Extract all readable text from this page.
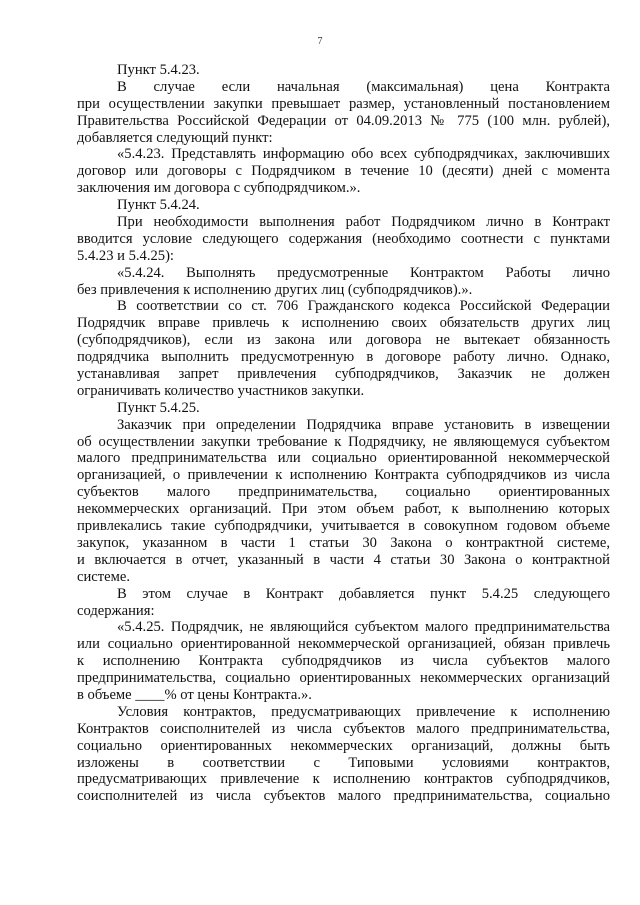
7
Пункт 5.4.23.
В случае если начальная (максимальная) цена Контракта
при осуществлении закупки превышает размер, установленный постановлением
Правительства Российской Федерации от 04.09.2013 № 775 (100 млн. рублей),
добавляется следующий пункт:
«5.4.23. Представлять информацию обо всех субподрядчиках, заключивших
договор или договоры с Подрядчиком в течение 10 (десяти) дней с момента
заключения им договора с субподрядчиком.».
Пункт 5.4.24.
При необходимости выполнения работ Подрядчиком лично в Контракт
вводится условие следующего содержания (необходимо соотнести с пунктами
5.4.23 и 5.4.25):
«5.4.24. Выполнять предусмотренные Контрактом Работы лично
без привлечения к исполнению других лиц (субподрядчиков).».
В соответствии со ст. 706 Гражданского кодекса Российской Федерации
Подрядчик вправе привлечь к исполнению своих обязательств других лиц
(субподрядчиков), если из закона или договора не вытекает обязанность
подрядчика выполнить предусмотренную в договоре работу лично. Однако,
устанавливая запрет привлечения субподрядчиков, Заказчик не должен
ограничивать количество участников закупки.
Пункт 5.4.25.
Заказчик при определении Подрядчика вправе установить в извещении
об осуществлении закупки требование к Подрядчику, не являющемуся субъектом
малого предпринимательства или социально ориентированной некоммерческой
организацией, о привлечении к исполнению Контракта субподрядчиков из числа
субъектов малого предпринимательства, социально ориентированных
некоммерческих организаций. При этом объем работ, к выполнению которых
привлекались такие субподрядчики, учитывается в совокупном годовом объеме
закупок, указанном в части 1 статьи 30 Закона о контрактной системе,
и включается в отчет, указанный в части 4 статьи 30 Закона о контрактной
системе.
В этом случае в Контракт добавляется пункт 5.4.25 следующего
содержания:
«5.4.25. Подрядчик, не являющийся субъектом малого предпринимательства
или социально ориентированной некоммерческой организацией, обязан привлечь
к исполнению Контракта субподрядчиков из числа субъектов малого
предпринимательства, социально ориентированных некоммерческих организаций
в объеме ____% от цены Контракта.».
Условия контрактов, предусматривающих привлечение к исполнению
Контрактов соисполнителей из числа субъектов малого предпринимательства,
социально ориентированных некоммерческих организаций, должны быть
изложены в соответствии с Типовыми условиями контрактов,
предусматривающих привлечение к исполнению контрактов субподрядчиков,
соисполнителей из числа субъектов малого предпринимательства, социально
